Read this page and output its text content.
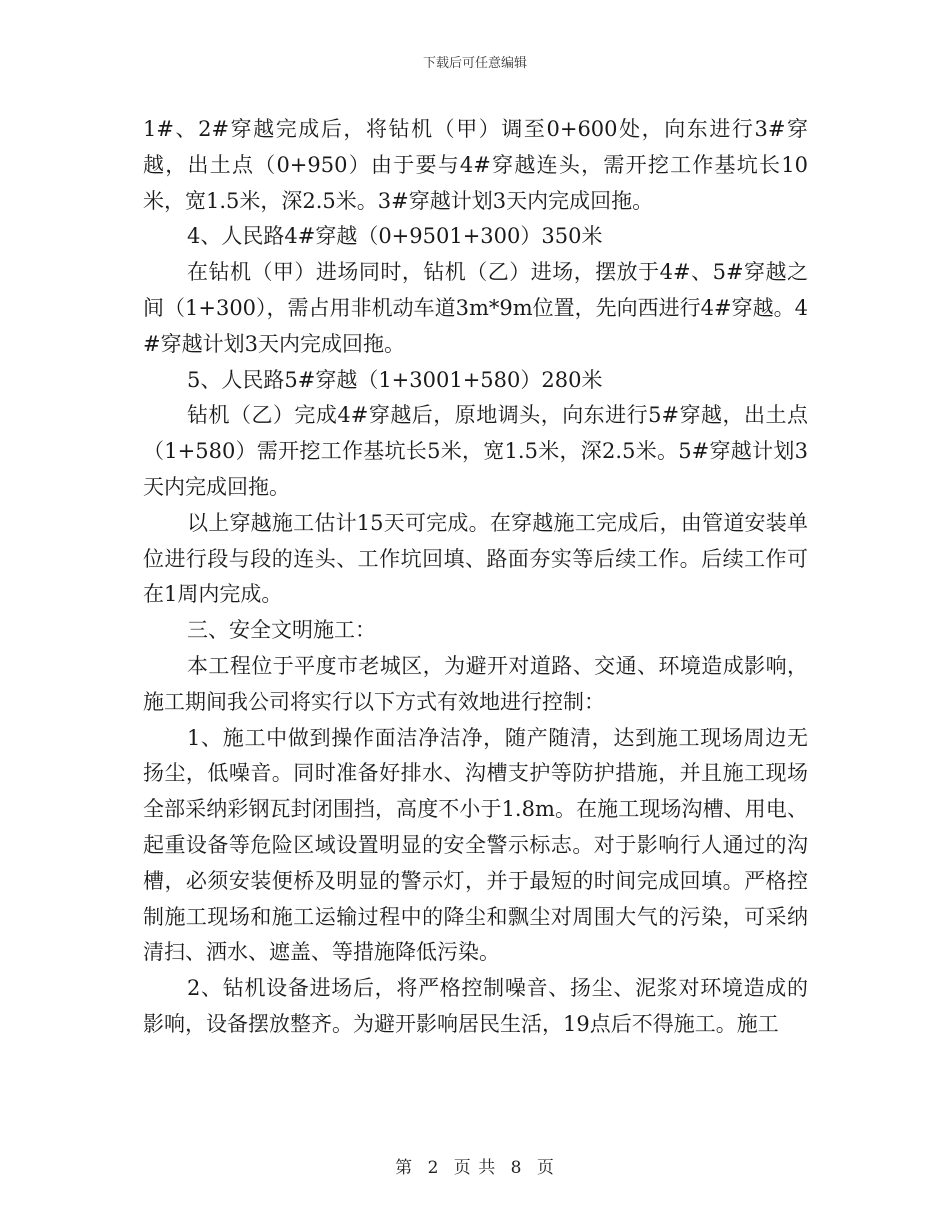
下载后可任意编辑

1#、2#穿越完成后，将钻机（甲）调至0+600处，向东进行3#穿越，出土点（0+950）由于要与4#穿越连头，需开挖工作基坑长10米，宽1.5米，深2.5米。3#穿越计划3天内完成回拖。

4、人民路4#穿越（0+9501+300）350米

在钻机（甲）进场同时，钻机（乙）进场，摆放于4#、5#穿越之间（1+300），需占用非机动车道3m*9m位置，先向西进行4#穿越。4#穿越计划3天内完成回拖。

5、人民路5#穿越（1+3001+580）280米

钻机（乙）完成4#穿越后，原地调头，向东进行5#穿越，出土点（1+580）需开挖工作基坑长5米，宽1.5米，深2.5米。5#穿越计划3天内完成回拖。

以上穿越施工估计15天可完成。在穿越施工完成后，由管道安装单位进行段与段的连头、工作坑回填、路面夯实等后续工作。后续工作可在1周内完成。

三、安全文明施工：

本工程位于平度市老城区，为避开对道路、交通、环境造成影响，施工期间我公司将实行以下方式有效地进行控制：

1、施工中做到操作面洁净洁净，随产随清，达到施工现场周边无扬尘，低噪音。同时准备好排水、沟槽支护等防护措施，并且施工现场全部采纳彩钢瓦封闭围挡，高度不小于1.8m。在施工现场沟槽、用电、起重设备等危险区域设置明显的安全警示标志。对于影响行人通过的沟槽，必须安装便桥及明显的警示灯，并于最短的时间完成回填。严格控制施工现场和施工运输过程中的降尘和飘尘对周围大气的污染，可采纳清扫、洒水、遮盖、等措施降低污染。

2、钻机设备进场后，将严格控制噪音、扬尘、泥浆对环境造成的影响，设备摆放整齐。为避开影响居民生活，19点后不得施工。施工

第 2 页 共 8 页
